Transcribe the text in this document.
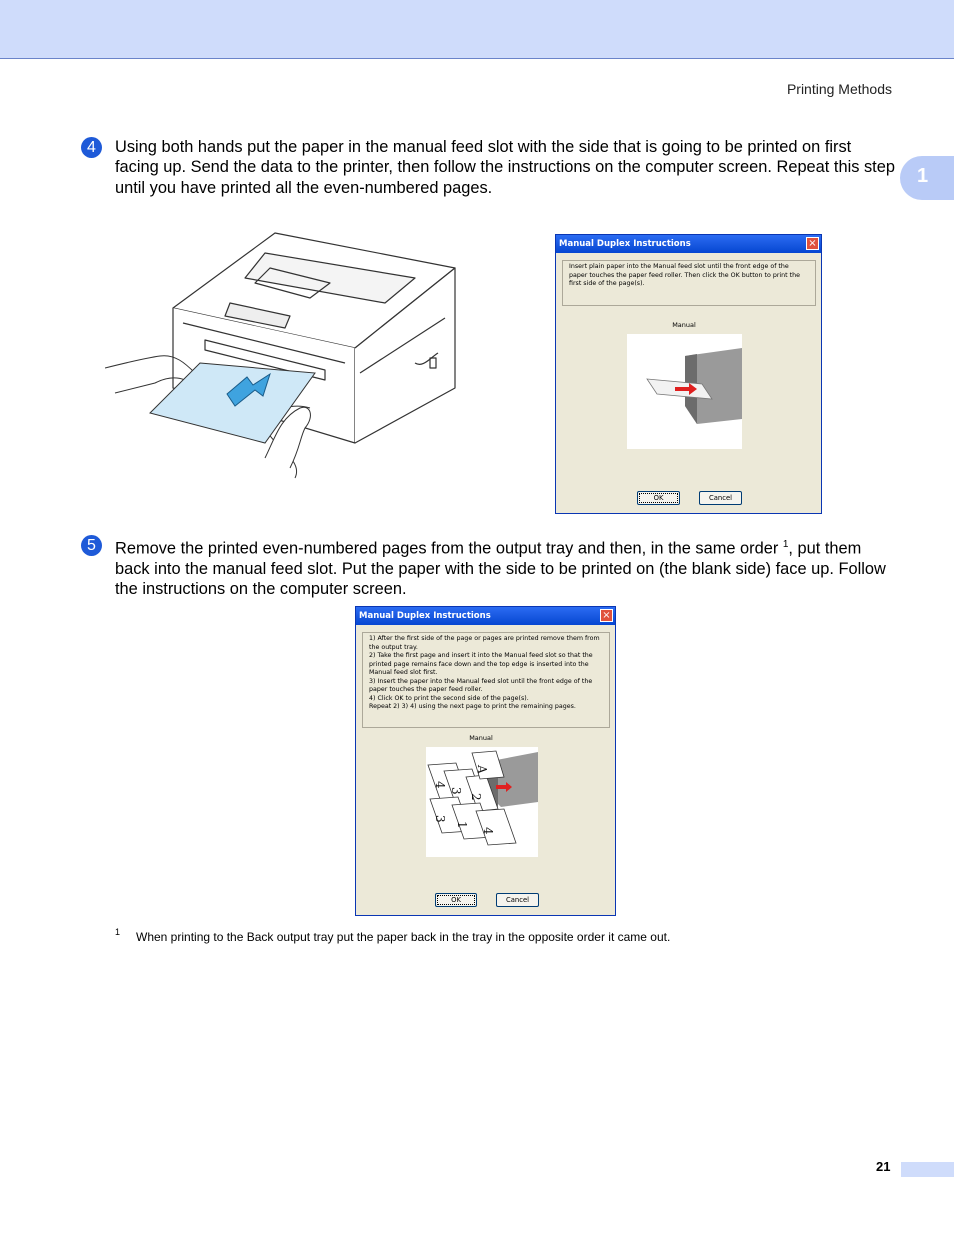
Printing Methods
1
4	Using both hands put the paper in the manual feed slot with the side that is going to be printed on first facing up. Send the data to the printer, then follow the instructions on the computer screen. Repeat this step until you have printed all the even-numbered pages.
Manual Duplex Instructions	×
Insert plain paper into the Manual feed slot until the front edge of the paper touches the paper feed roller. Then click the OK button to print the first side of the page(s).
Manual
OK	Cancel
5	Remove the printed even-numbered pages from the output tray and then, in the same order $^1$, put them back into the manual feed slot. Put the paper with the side to be printed on (the blank side) face up. Follow the instructions on the computer screen.
Manual Duplex Instructions	×
1) After the first side of the page or pages are printed remove them from the output tray.
2) Take the first page and insert it into the Manual feed slot so that the printed page remains face down and the top edge is inserted into the Manual feed slot first.
3) Insert the paper into the Manual feed slot until the front edge of the paper touches the paper feed roller.
4) Click OK to print the second side of the page(s).
Repeat 2) 3) 4) using the next page to print the remaining pages.
Manual
4
3
2
3
1
4
A
OK	Cancel
1 When printing to the Back output tray put the paper back in the tray in the opposite order it came out.
21
